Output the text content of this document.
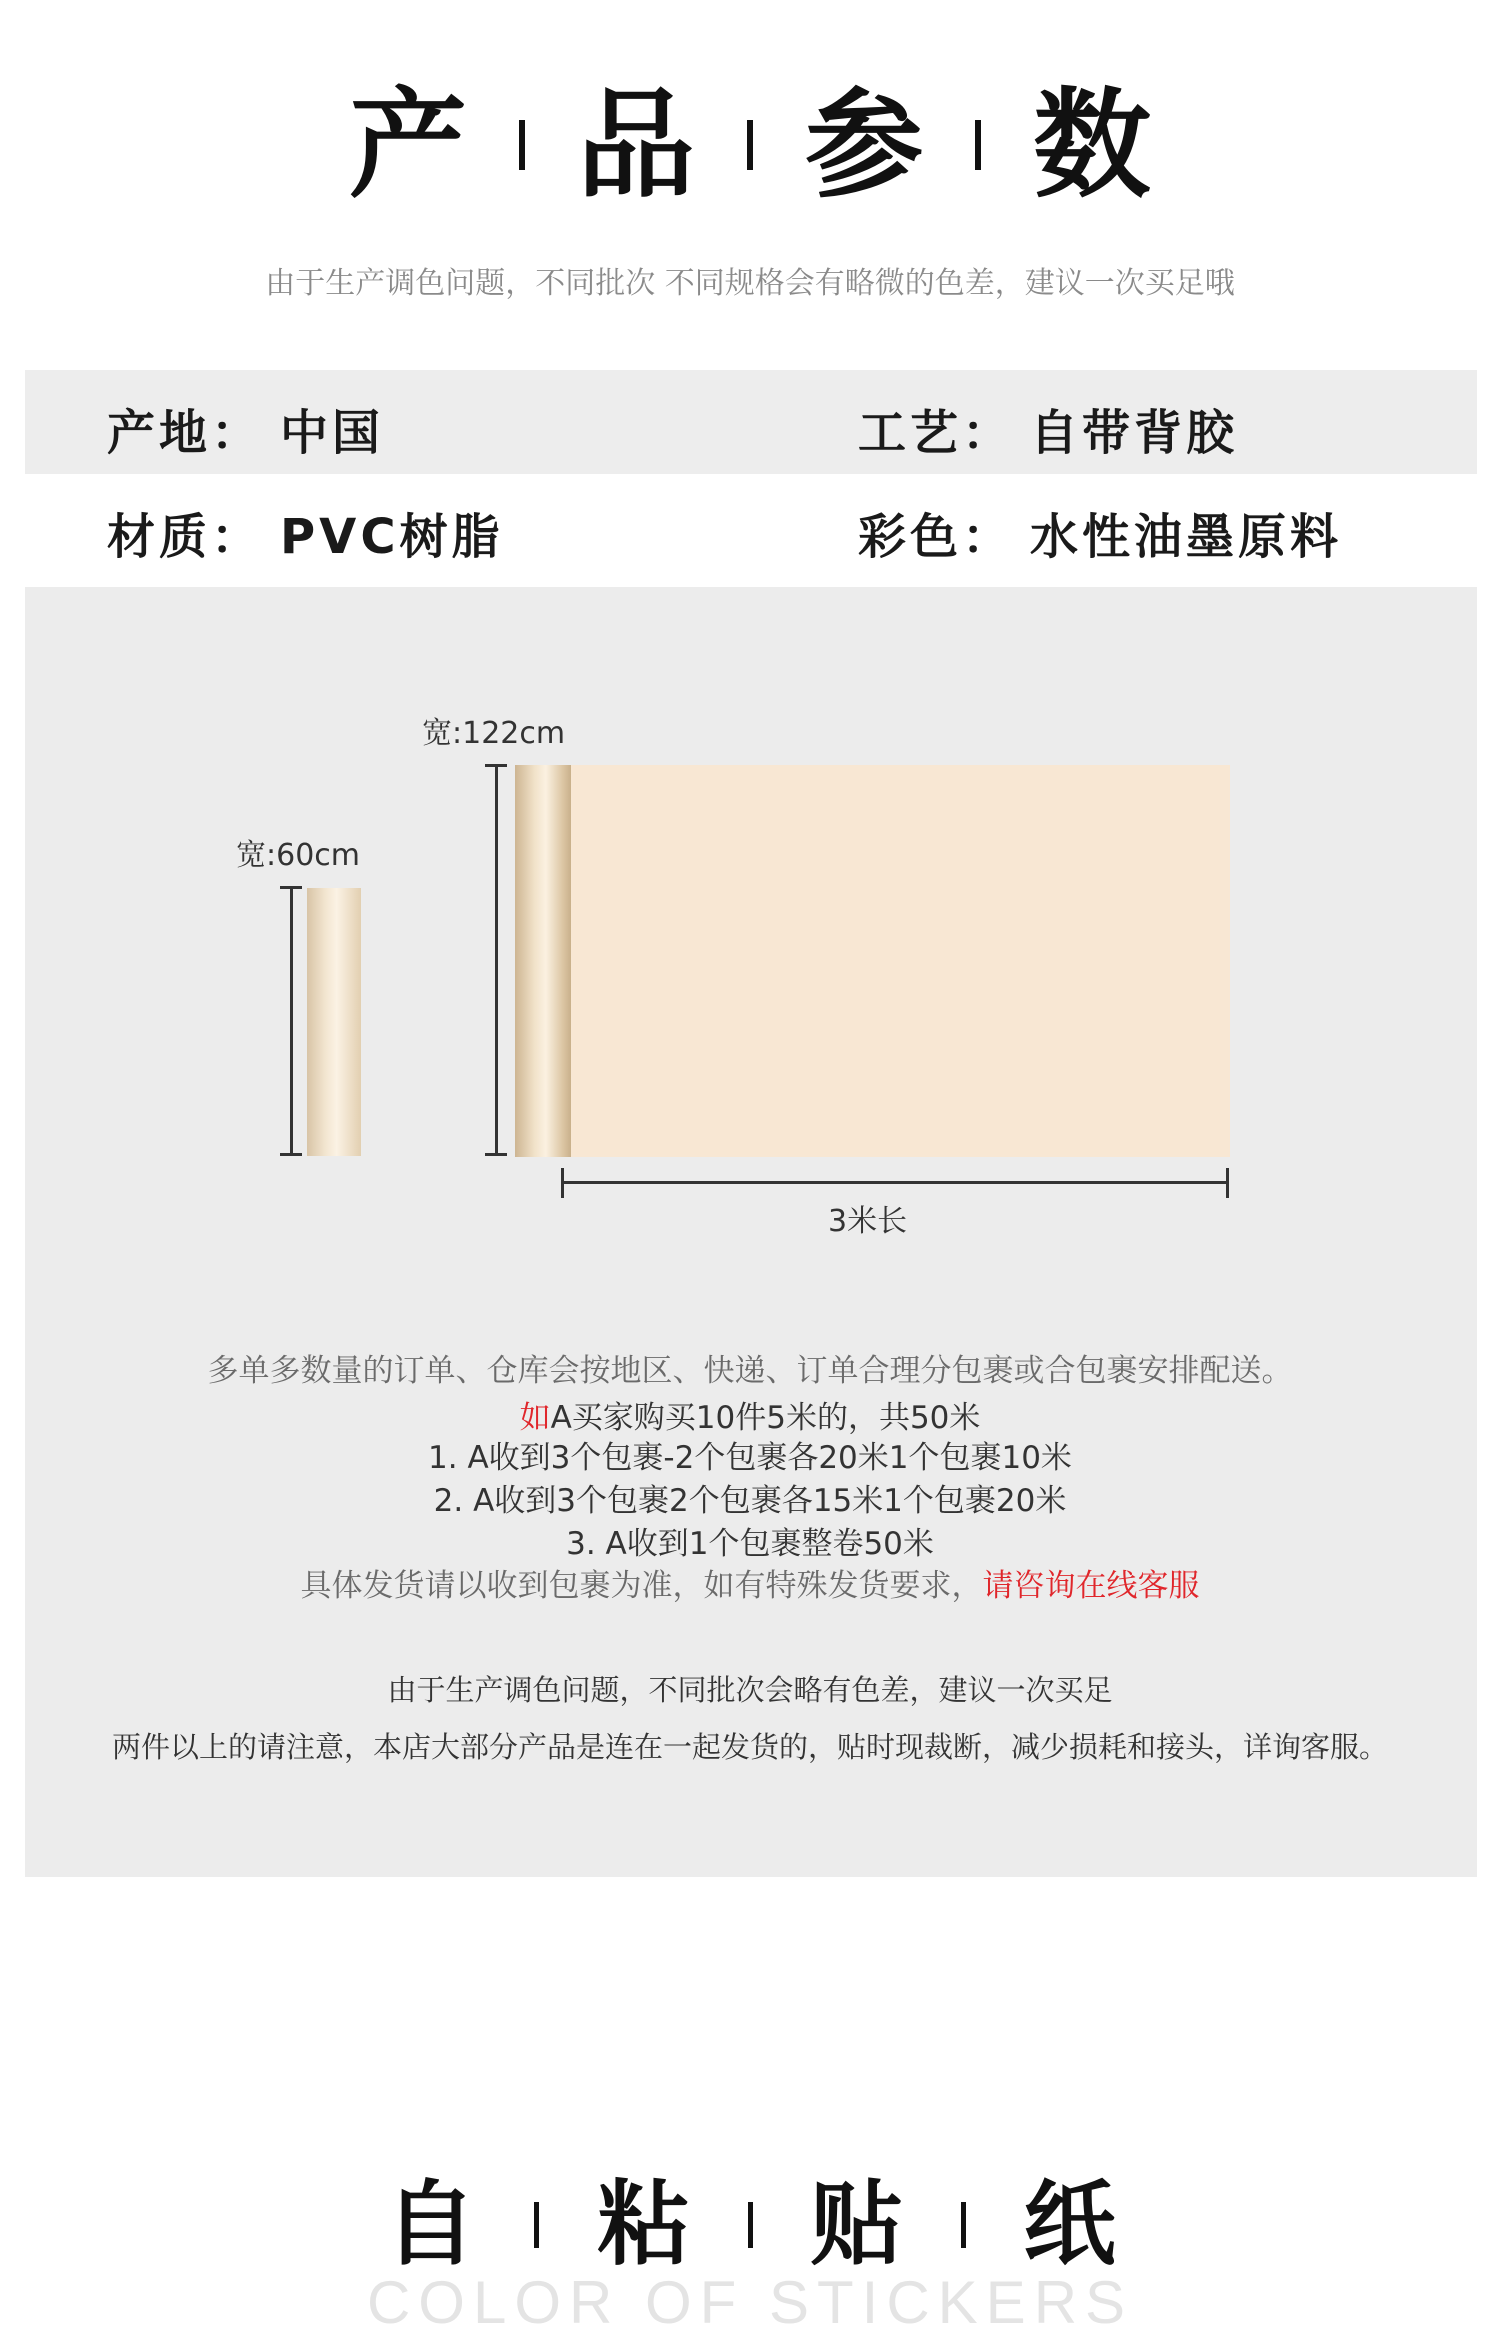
产 品 参 数
由于生产调色问题，不同批次 不同规格会有略微的色差，建议一次买足哦
产地： 中国	工艺： 自带背胶
材质： PVC树脂	彩色： 水性油墨原料
宽:60cm
宽:122cm
3米长
多单多数量的订单、仓库会按地区、快递、订单合理分包裹或合包裹安排配送。
如A买家购买10件5米的，共50米
1. A收到3个包裹-2个包裹各20米1个包裹10米
2. A收到3个包裹2个包裹各15米1个包裹20米
3. A收到1个包裹整卷50米
具体发货请以收到包裹为准，如有特殊发货要求，请咨询在线客服
由于生产调色问题，不同批次会略有色差，建议一次买足
两件以上的请注意，本店大部分产品是连在一起发货的，贴时现裁断，减少损耗和接头，详询客服。
自 粘 贴 纸
COLOR OF STICKERS
